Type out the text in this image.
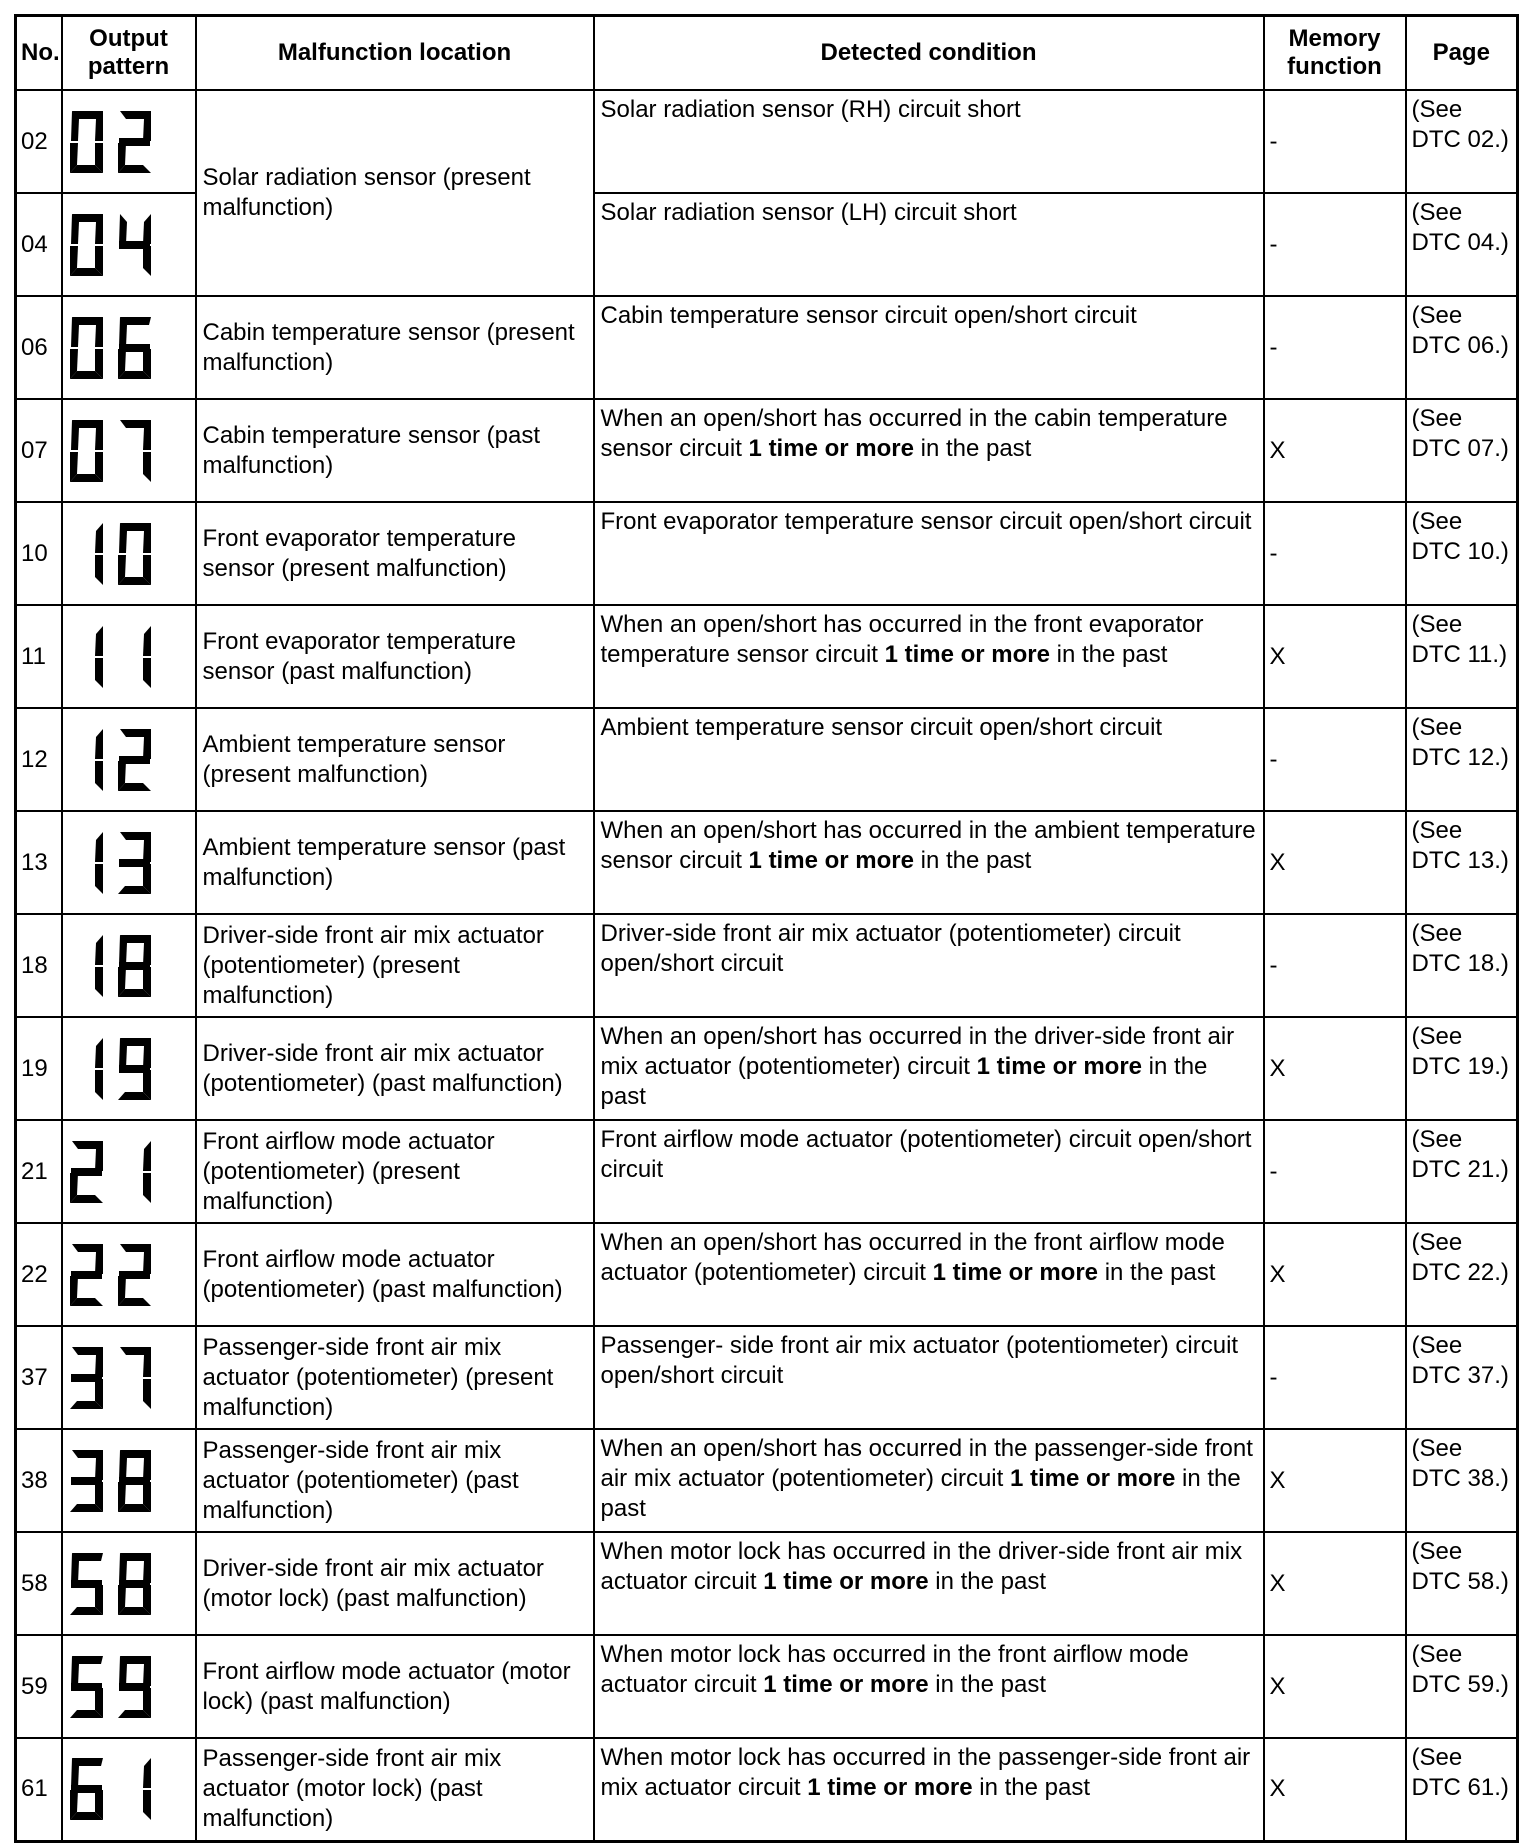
No.	Output pattern	Malfunction location	Detected condition	Memory function	Page
02		Solar radiation sensor (present malfunction)	Solar radiation sensor (RH) circuit short	-	(See DTC 02.)
04			Solar radiation sensor (LH) circuit short	-	(See DTC 04.)
06		Cabin temperature sensor (present malfunction)	Cabin temperature sensor circuit open/short circuit	-	(See DTC 06.)
07		Cabin temperature sensor (past malfunction)	When an open/short has occurred in the cabin temperature sensor circuit 1 time or more in the past	X	(See DTC 07.)
10		Front evaporator temperature sensor (present malfunction)	Front evaporator temperature sensor circuit open/short circuit	-	(See DTC 10.)
11		Front evaporator temperature sensor (past malfunction)	When an open/short has occurred in the front evaporator temperature sensor circuit 1 time or more in the past	X	(See DTC 11.)
12		Ambient temperature sensor (present malfunction)	Ambient temperature sensor circuit open/short circuit	-	(See DTC 12.)
13		Ambient temperature sensor (past malfunction)	When an open/short has occurred in the ambient temperature sensor circuit 1 time or more in the past	X	(See DTC 13.)
18		Driver-side front air mix actuator (potentiometer) (present malfunction)	Driver-side front air mix actuator (potentiometer) circuit open/short circuit	-	(See DTC 18.)
19		Driver-side front air mix actuator (potentiometer) (past malfunction)	When an open/short has occurred in the driver-side front air mix actuator (potentiometer) circuit 1 time or more in the past	X	(See DTC 19.)
21		Front airflow mode actuator (potentiometer) (present malfunction)	Front airflow mode actuator (potentiometer) circuit open/short circuit	-	(See DTC 21.)
22		Front airflow mode actuator (potentiometer) (past malfunction)	When an open/short has occurred in the front airflow mode actuator (potentiometer) circuit 1 time or more in the past	X	(See DTC 22.)
37		Passenger-side front air mix actuator (potentiometer) (present malfunction)	Passenger- side front air mix actuator (potentiometer) circuit open/short circuit	-	(See DTC 37.)
38		Passenger-side front air mix actuator (potentiometer) (past malfunction)	When an open/short has occurred in the passenger-side front air mix actuator (potentiometer) circuit 1 time or more in the past	X	(See DTC 38.)
58		Driver-side front air mix actuator (motor lock) (past malfunction)	When motor lock has occurred in the driver-side front air mix actuator circuit 1 time or more in the past	X	(See DTC 58.)
59		Front airflow mode actuator (motor lock) (past malfunction)	When motor lock has occurred in the front airflow mode actuator circuit 1 time or more in the past	X	(See DTC 59.)
61		Passenger-side front air mix actuator (motor lock) (past malfunction)	When motor lock has occurred in the passenger-side front air mix actuator circuit 1 time or more in the past	X	(See DTC 61.)
